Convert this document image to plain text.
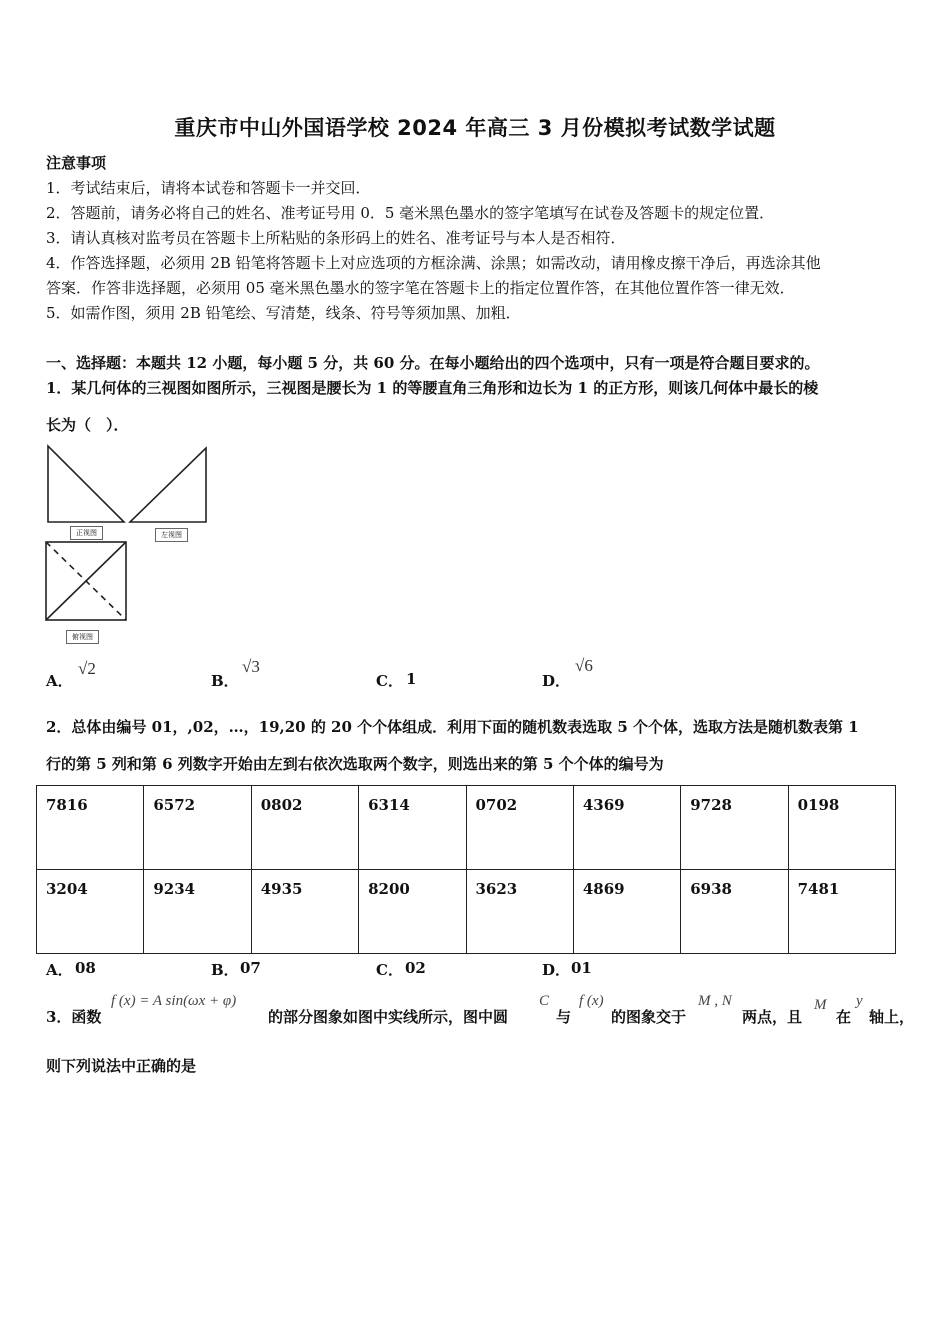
重庆市中山外国语学校 2024 年高三 3 月份模拟考试数学试题
注意事项
1．考试结束后，请将本试卷和答题卡一并交回．
2．答题前，请务必将自己的姓名、准考证号用 0．5 毫米黑色墨水的签字笔填写在试卷及答题卡的规定位置．
3．请认真核对监考员在答题卡上所粘贴的条形码上的姓名、准考证号与本人是否相符．
4．作答选择题，必须用 2B 铅笔将答题卡上对应选项的方框涂满、涂黑；如需改动，请用橡皮擦干净后，再选涂其他
答案．作答非选择题，必须用 05 毫米黑色墨水的签字笔在答题卡上的指定位置作答，在其他位置作答一律无效．
5．如需作图，须用 2B 铅笔绘、写清楚，线条、符号等须加黑、加粗．
一、选择题：本题共 12 小题，每小题 5 分，共 60 分。在每小题给出的四个选项中，只有一项是符合题目要求的。
1．某几何体的三视图如图所示，三视图是腰长为 1 的等腰直角三角形和边长为 1 的正方形，则该几何体中最长的棱
长为（　）．
正视图	左视图
俯视图
A．
√2
B．
√3
C． 1	D．
√6
2．总体由编号 01，,02，…，19,20 的 20 个个体组成．利用下面的随机数表选取 5 个个体，选取方法是随机数表第 1
行的第 5 列和第 6 列数字开始由左到右依次选取两个数字，则选出来的第 5 个个体的编号为
7816	6572	0802	6314	0702	4369	9728	0198
3204	9234	4935	8200	3623	4869	6938	7481
A． 08	B． 07	C． 02	D． 01
3．函数
f (x) = A sin(ωx + φ)
的部分图象如图中实线所示，图中圆
C
与
f (x)
的图象交于
M , N
两点，且
M
在
y
轴上，
则下列说法中正确的是
